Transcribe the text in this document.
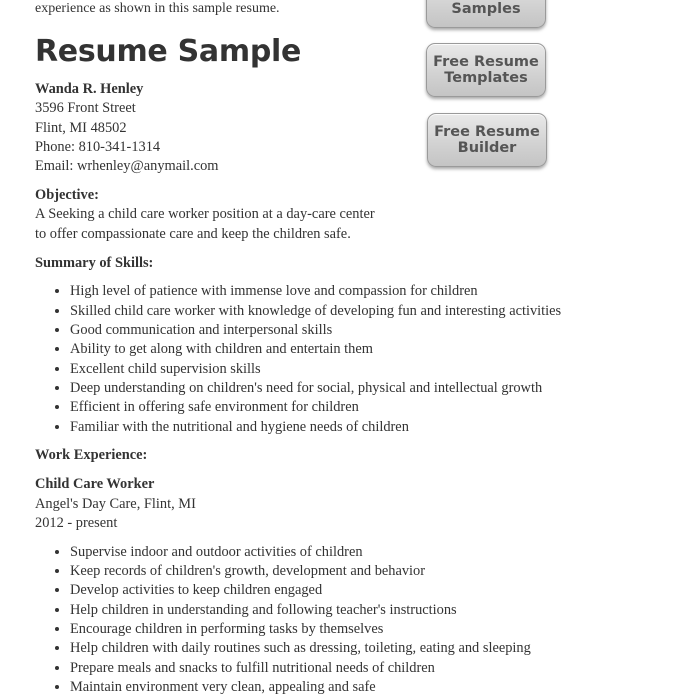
experience as shown in this sample resume.

Resume Sample
Wanda R. Henley
3596 Front Street
Flint, MI 48502
Phone: 810-341-1314
Email: wrhenley@anymail.com
Objective:
A Seeking a child care worker position at a day-care center
to offer compassionate care and keep the children safe.
Summary of Skills:
• High level of patience with immense love and compassion for children
• Skilled child care worker with knowledge of developing fun and interesting activities
• Good communication and interpersonal skills
• Ability to get along with children and entertain them
• Excellent child supervision skills
• Deep understanding on children's need for social, physical and intellectual growth
• Efficient in offering safe environment for children
• Familiar with the nutritional and hygiene needs of children
Work Experience:
Child Care Worker
Angel's Day Care, Flint, MI
2012 - present
• Supervise indoor and outdoor activities of children
• Keep records of children's growth, development and behavior
• Develop activities to keep children engaged
• Help children in understanding and following teacher's instructions
• Encourage children in performing tasks by themselves
• Help children with daily routines such as dressing, toileting, eating and sleeping
• Prepare meals and snacks to fulfill nutritional needs of children
• Maintain environment very clean, appealing and safe
Samples
Free Resume
Templates
Free Resume
Builder
